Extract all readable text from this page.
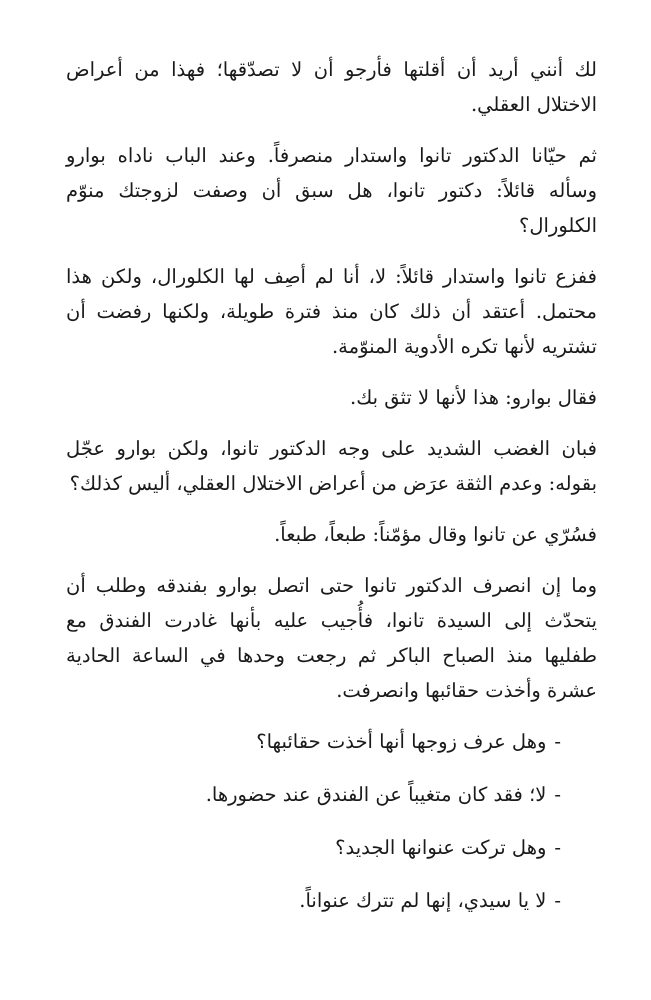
لك أنني أريد أن أقلتها فأرجو أن لا تصدّقها؛ فهذا من أعراض الاختلال العقلي.

ثم حيّانا الدكتور تانوا واستدار منصرفاً. وعند الباب ناداه بوارو وسأله قائلاً: دكتور تانوا، هل سبق أن وصفت لزوجتك منوّم الكلورال؟

ففزع تانوا واستدار قائلاً: لا، أنا لم أصِف لها الكلورال، ولكن هذا محتمل. أعتقد أن ذلك كان منذ فترة طويلة، ولكنها رفضت أن تشتريه لأنها تكره الأدوية المنوّمة.

فقال بوارو: هذا لأنها لا تثق بك.

فبان الغضب الشديد على وجه الدكتور تانوا، ولكن بوارو عجّل بقوله: وعدم الثقة عرَض من أعراض الاختلال العقلي، أليس كذلك؟

فسُرّي عن تانوا وقال مؤمّناً: طبعاً، طبعاً.

وما إن انصرف الدكتور تانوا حتى اتصل بوارو بفندقه وطلب أن يتحدّث إلى السيدة تانوا، فأُجيب عليه بأنها غادرت الفندق مع طفليها منذ الصباح الباكر ثم رجعت وحدها في الساعة الحادية عشرة وأخذت حقائبها وانصرفت.

-وهل عرف زوجها أنها أخذت حقائبها؟
-لا؛ فقد كان متغيباً عن الفندق عند حضورها.
-وهل تركت عنوانها الجديد؟
-لا يا سيدي، إنها لم تترك عنواناً.
